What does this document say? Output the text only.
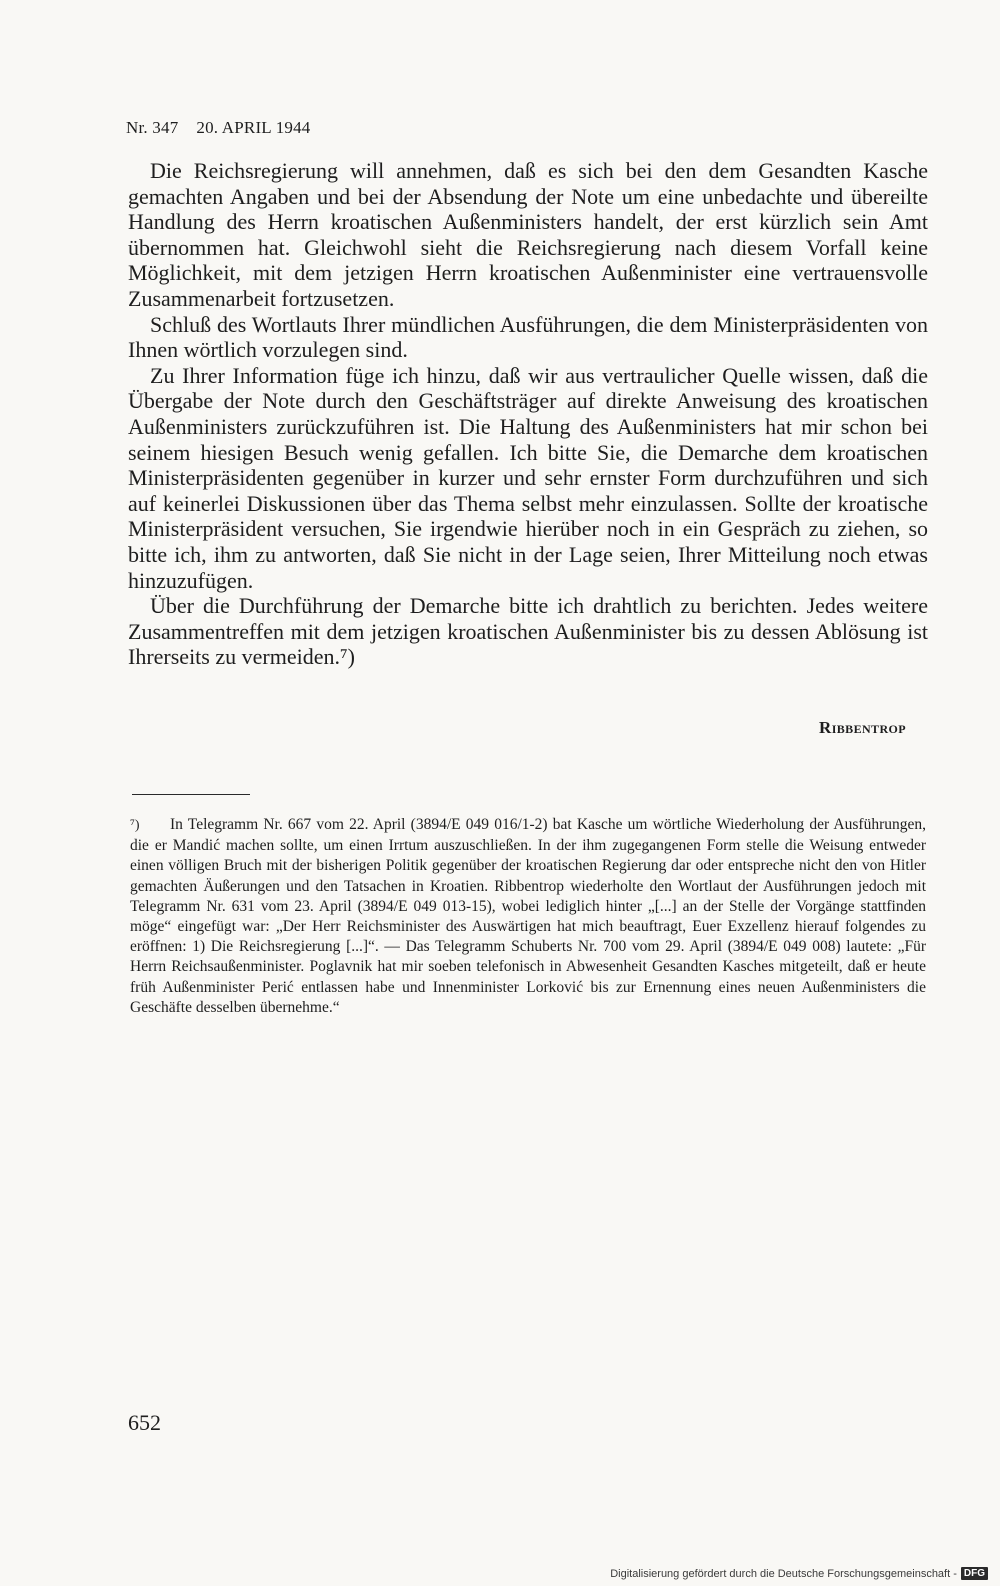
Nr. 347 20. APRIL 1944

Die Reichsregierung will annehmen, daß es sich bei den dem Gesandten Kasche gemachten Angaben und bei der Absendung der Note um eine unbedachte und übereilte Handlung des Herrn kroatischen Außenministers handelt, der erst kürzlich sein Amt übernommen hat. Gleichwohl sieht die Reichsregierung nach diesem Vorfall keine Möglichkeit, mit dem jetzigen Herrn kroatischen Außenminister eine vertrauensvolle Zusammenarbeit fortzusetzen.

Schluß des Wortlauts Ihrer mündlichen Ausführungen, die dem Ministerpräsidenten von Ihnen wörtlich vorzulegen sind.

Zu Ihrer Information füge ich hinzu, daß wir aus vertraulicher Quelle wissen, daß die Übergabe der Note durch den Geschäftsträger auf direkte Anweisung des kroatischen Außenministers zurückzuführen ist. Die Haltung des Außenministers hat mir schon bei seinem hiesigen Besuch wenig gefallen. Ich bitte Sie, die Demarche dem kroatischen Ministerpräsidenten gegenüber in kurzer und sehr ernster Form durchzuführen und sich auf keinerlei Diskussionen über das Thema selbst mehr einzulassen. Sollte der kroatische Ministerpräsident versuchen, Sie irgendwie hierüber noch in ein Gespräch zu ziehen, so bitte ich, ihm zu antworten, daß Sie nicht in der Lage seien, Ihrer Mitteilung noch etwas hinzuzufügen.

Über die Durchführung der Demarche bitte ich drahtlich zu berichten. Jedes weitere Zusammentreffen mit dem jetzigen kroatischen Außenminister bis zu dessen Ablösung ist Ihrerseits zu vermeiden.⁷)

Ribbentrop
⁷) In Telegramm Nr. 667 vom 22. April (3894/E 049 016/1-2) bat Kasche um wörtliche Wiederholung der Ausführungen, die er Mandić machen sollte, um einen Irrtum auszuschließen. In der ihm zugegangenen Form stelle die Weisung entweder einen völligen Bruch mit der bisherigen Politik gegenüber der kroatischen Regierung dar oder entspreche nicht den von Hitler gemachten Äußerungen und den Tatsachen in Kroatien. Ribbentrop wiederholte den Wortlaut der Ausführungen jedoch mit Telegramm Nr. 631 vom 23. April (3894/E 049 013-15), wobei lediglich hinter „[...] an der Stelle der Vorgänge stattfinden möge“ eingefügt war: „Der Herr Reichsminister des Auswärtigen hat mich beauftragt, Euer Exzellenz hierauf folgendes zu eröffnen: 1) Die Reichsregierung [...]“. — Das Telegramm Schuberts Nr. 700 vom 29. April (3894/E 049 008) lautete: „Für Herrn Reichsaußenminister. Poglavnik hat mir soeben telefonisch in Abwesenheit Gesandten Kasches mitgeteilt, daß er heute früh Außenminister Perić entlassen habe und Innenminister Lorković bis zur Ernennung eines neuen Außenministers die Geschäfte desselben übernehme.“
652
Digitalisierung gefördert durch die Deutsche Forschungsgemeinschaft - DFG
